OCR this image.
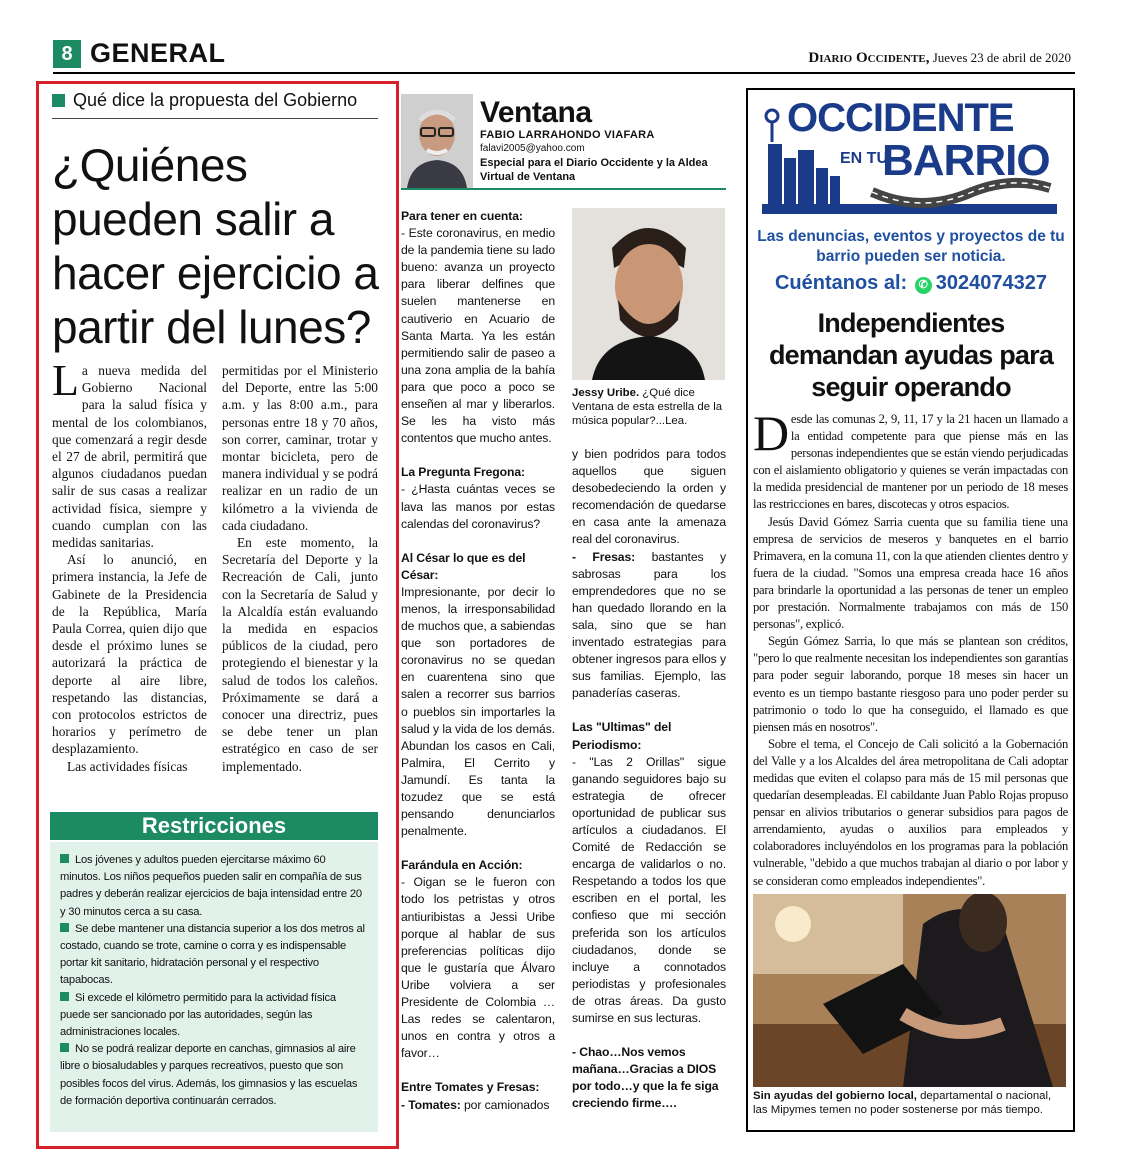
8 GENERAL	Diario Occidente, Jueves 23 de abril de 2020
Qué dice la propuesta del Gobierno
¿Quiénes pueden salir a hacer ejercicio a partir del lunes?

La nueva medida del Gobierno Nacional para la salud física y mental de los colombianos, que comenzará a regir desde el 27 de abril, permitirá que algunos ciudadanos puedan salir de sus casas a realizar actividad física, siempre y cuando cumplan con las medidas sanitarias.

Así lo anunció, en primera instancia, la Jefe de Gabinete de la Presidencia de la República, María Paula Correa, quien dijo que desde el próximo lunes se autorizará la práctica de deporte al aire libre, respetando las distancias, con protocolos estrictos de horarios y perímetro de desplazamiento.

Las actividades físicas

permitidas por el Ministerio del Deporte, entre las 5:00 a.m. y las 8:00 a.m., para personas entre 18 y 70 años, son correr, caminar, trotar y montar bicicleta, pero de manera individual y se podrá realizar en un radio de un kilómetro a la vivienda de cada ciudadano.

En este momento, la Secretaría del Deporte y la Recreación de Cali, junto con la Secretaría de Salud y la Alcaldía están evaluando la medida en espacios públicos de la ciudad, pero protegiendo el bienestar y la salud de todos los caleños. Próximamente se dará a conocer una directriz, pues se debe tener un plan estratégico en caso de ser implementado.

Restricciones

Los jóvenes y adultos pueden ejercitarse máximo 60 minutos. Los niños pequeños pueden salir en compañía de sus padres y deberán realizar ejercicios de baja intensidad entre 20 y 30 minutos cerca a su casa.

Se debe mantener una distancia superior a los dos metros al costado, cuando se trote, camine o corra y es indispensable portar kit sanitario, hidratación personal y el respectivo tapabocas.

Si excede el kilómetro permitido para la actividad física puede ser sancionado por las autoridades, según las administraciones locales.

No se podrá realizar deporte en canchas, gimnasios al aire libre o biosaludables y parques recreativos, puesto que son posibles focos del virus. Además, los gimnasios y las escuelas de formación deportiva continuarán cerrados.

Ventana
FABIO LARRAHONDO VIAFARA
falavi2005@yahoo.com
Especial para el Diario Occidente y la Aldea Virtual de Ventana
Para tener en cuenta:

- Este coronavirus, en medio de la pandemia tiene su lado bueno: avanza un proyecto para liberar delfines que suelen mantenerse en cautiverio en Acuario de Santa Marta. Ya les están permitiendo salir de paseo a una zona amplia de la bahía para que poco a poco se enseñen al mar y liberarlos. Se les ha visto más contentos que mucho antes.

La Pregunta Fregona:

- ¿Hasta cuántas veces se lava las manos por estas calendas del coronavirus?

Al César lo que es del César:

Impresionante, por decir lo menos, la irresponsabilidad de muchos que, a sabiendas que son portadores de coronavirus no se quedan en cuarentena sino que salen a recorrer sus barrios o pueblos sin importarles la salud y la vida de los demás. Abundan los casos en Cali, Palmira, El Cerrito y Jamundí. Es tanta la tozudez que se está pensando denunciarlos penalmente.

Farándula en Acción:

- Oigan se le fueron con todo los petristas y otros antiuribistas a Jessi Uribe porque al hablar de sus preferencias políticas dijo que le gustaría que Álvaro Uribe volviera a ser Presidente de Colombia …Las redes se calentaron, unos en contra y otros a favor…

Entre Tomates y Fresas:

- Tomates: por camionados

Jessy Uribe. ¿Qué dice Ventana de esta estrella de la música popular?...Lea.

y bien podridos para todos aquellos que siguen desobedeciendo la orden y recomendación de quedarse en casa ante la amenaza real del coronavirus.

- Fresas: bastantes y sabrosas para los emprendedores que no se han quedado llorando en la sala, sino que se han inventado estrategias para obtener ingresos para ellos y sus familias. Ejemplo, las panaderías caseras.

Las "Ultimas" del Periodismo:

- "Las 2 Orillas" sigue ganando seguidores bajo su estrategia de ofrecer oportunidad de publicar sus artículos a ciudadanos. El Comité de Redacción se encarga de validarlos o no. Respetando a todos los que escriben en el portal, les confieso que mi sección preferida son los artículos ciudadanos, donde se incluye a connotados periodistas y profesionales de otras áreas. Da gusto sumirse en sus lecturas.

- Chao…Nos vemos mañana…Gracias a DIOS por todo…y que la fe siga creciendo firme….
OCCIDENTE
EN TU
BARRIO
Las denuncias, eventos y proyectos de tu barrio pueden ser noticia.
Cuéntanos al: ✆ 3024074327
Independientes demandan ayudas para seguir operando

Desde las comunas 2, 9, 11, 17 y la 21 hacen un llamado a la entidad competente para que piense más en las personas independientes que se están viendo perjudicadas con el aislamiento obligatorio y quienes se verán impactadas con la medida presidencial de mantener por un periodo de 18 meses las restricciones en bares, discotecas y otros espacios.

Jesús David Gómez Sarria cuenta que su familia tiene una empresa de servicios de meseros y banquetes en el barrio Primavera, en la comuna 11, con la que atienden clientes dentro y fuera de la ciudad. "Somos una empresa creada hace 16 años para brindarle la oportunidad a las personas de tener un empleo por prestación. Normalmente trabajamos con más de 150 personas", explicó.

Según Gómez Sarria, lo que más se plantean son créditos, "pero lo que realmente necesitan los independientes son garantías para poder seguir laborando, porque 18 meses sin hacer un evento es un tiempo bastante riesgoso para uno poder perder su patrimonio o todo lo que ha conseguido, el llamado es que piensen más en nosotros".

Sobre el tema, el Concejo de Cali solicitó a la Gobernación del Valle y a los Alcaldes del área metropolitana de Cali adoptar medidas que eviten el colapso para más de 15 mil personas que quedarían desempleadas. El cabildante Juan Pablo Rojas propuso pensar en alivios tributarios o generar subsidios para pagos de arrendamiento, ayudas o auxilios para empleados y colaboradores incluyéndolos en los programas para la población vulnerable, "debido a que muchos trabajan al diario o por labor y se consideran como empleados independientes".

Sin ayudas del gobierno local, departamental o nacional, las Mipymes temen no poder sostenerse por más tiempo.
